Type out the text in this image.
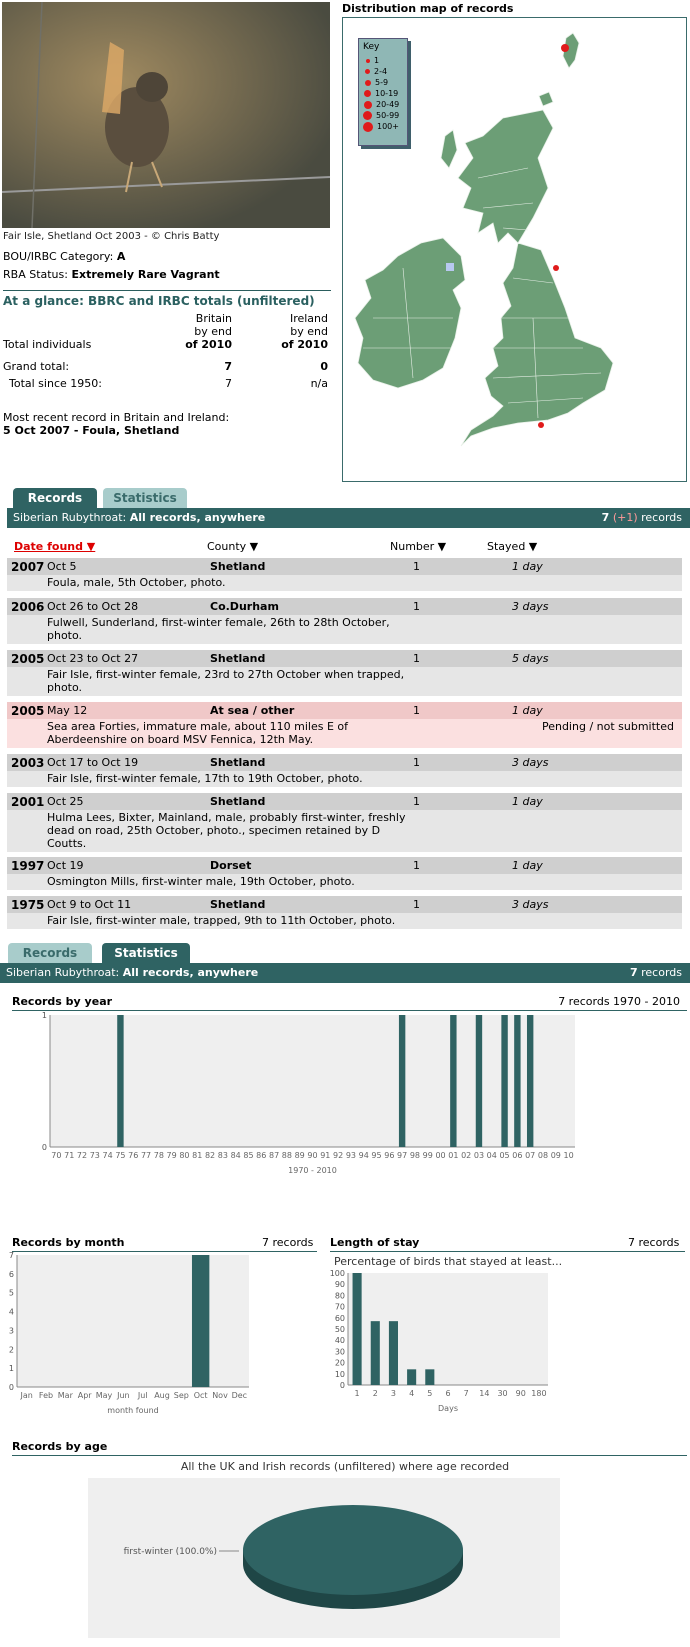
Fair Isle, Shetland Oct 2003 - © Chris Batty
BOU/IRBC Category: A
RBA Status: Extremely Rare Vagrant
At a glance: BBRC and IRBC totals (unfiltered)
Britain
by end
of 2010
Ireland
by end
of 2010
Total individuals
Grand total:	7	0
Total since 1950:	7	n/a
Most recent record in Britain and Ireland:
5 Oct 2007 - Foula, Shetland
Distribution map of records
Key
1
2-4
5-9
10-19
20-49
50-99
100+
Records	Statistics
Siberian Rubythroat: All records, anywhere	7 (+1) records
Date found ▼	County ▼	Number ▼	Stayed ▼
2007 Oct 5	Shetland	1	1 day
Foula, male, 5th October, photo.
2006 Oct 26 to Oct 28	Co.Durham	1	3 days
Fulwell, Sunderland, first-winter female, 26th to 28th October, photo.
2005 Oct 23 to Oct 27	Shetland	1	5 days
Fair Isle, first-winter female, 23rd to 27th October when trapped, photo.
2005 May 12	At sea / other	1	1 day
Sea area Forties, immature male, about 110 miles E of Aberdeenshire on board MSV Fennica, 12th May.
Pending / not submitted
2003 Oct 17 to Oct 19	Shetland	1	3 days
Fair Isle, first-winter female, 17th to 19th October, photo.
2001 Oct 25	Shetland	1	1 day
Hulma Lees, Bixter, Mainland, male, probably first-winter, freshly dead on road, 25th October, photo., specimen retained by D Coutts.
1997 Oct 19	Dorset	1	1 day
Osmington Mills, first-winter male, 19th October, photo.
1975 Oct 9 to Oct 11	Shetland	1	3 days
Fair Isle, first-winter male, trapped, 9th to 11th October, photo.
Records	Statistics
Siberian Rubythroat: All records, anywhere	7 records
Records by year	7 records 1970 - 2010
0
1
70 71 72 73 74 75 76 77 78 79 80 81 82 83 84 85 86 87 88 89 90 91 92 93 94 95 96 97 98 99 00 01 02 03 04 05 06 07 08 09 10
1970 - 2010
Records by month	7 records
0
1
2
3
4
5
6
7
Jan Feb Mar Apr May Jun Jul Aug Sep Oct Nov Dec
month found
Length of stay	7 records
Percentage of birds that stayed at least...
0
10
20
30
40
50
60
70
80
90
100
1 2 3 4 5 6 7 14 30 90 180
Days
Records by age
All the UK and Irish records (unfiltered) where age recorded
first-winter (100.0%)
